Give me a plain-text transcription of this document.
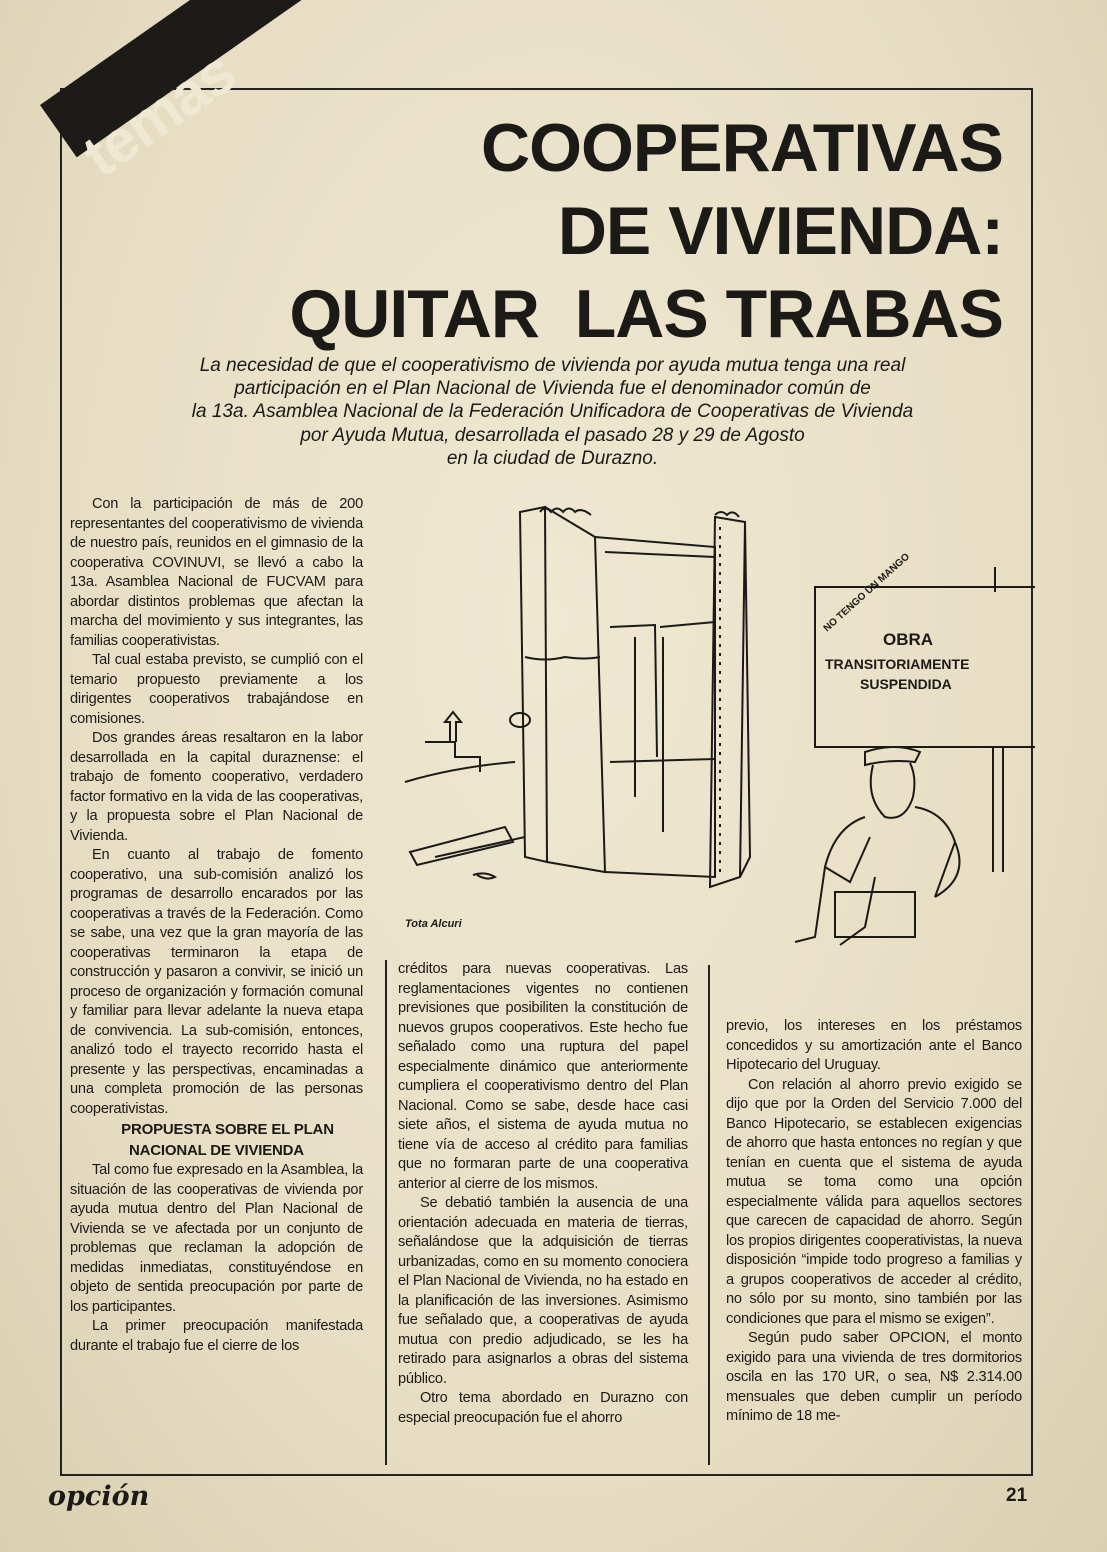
temas	COOPERATIVAS
DE VIVIENDA:
QUITAR  LAS TRABAS
La necesidad de que el cooperativismo de vivienda por ayuda mutua tenga una real
participación en el Plan Nacional de Vivienda fue el denominador común de
la 13a. Asamblea Nacional de la Federación Unificadora de Cooperativas de Vivienda
por Ayuda Mutua, desarrollada el pasado 28 y 29 de Agosto
en la ciudad de Durazno.
OBRA
TRANSITORIAMENTE
SUSPENDIDA
NO TENGO UN MANGO
Tota Alcuri

Con la participación de más de 200 representantes del cooperativismo de vivienda de nuestro país, reunidos en el gimnasio de la cooperativa COVINUVI, se llevó a cabo la 13a. Asamblea Nacional de FUCVAM para abordar distintos problemas que afectan la marcha del movimiento y sus integrantes, las familias cooperativistas.

Tal cual estaba previsto, se cumplió con el temario propuesto previamente a los dirigentes cooperativos trabajándose en comisiones.

Dos grandes áreas resaltaron en la labor desarrollada en la capital duraznense: el trabajo de fomento cooperativo, verdadero factor formativo en la vida de las cooperativas, y la propuesta sobre el Plan Nacional de Vivienda.

En cuanto al trabajo de fomento cooperativo, una sub-comisión analizó los programas de desarrollo encarados por las cooperativas a través de la Federación. Como se sabe, una vez que la gran mayoría de las cooperativas terminaron la etapa de construcción y pasaron a convivir, se inició un proceso de organización y formación comunal y familiar para llevar adelante la nueva etapa de convivencia. La sub-comisión, entonces, analizó todo el trayecto recorrido hasta el presente y las perspectivas, encaminadas a una completa promoción de las personas cooperativistas.

PROPUESTA SOBRE EL PLAN
NACIONAL DE VIVIENDA

Tal como fue expresado en la Asamblea, la situación de las cooperativas de vivienda por ayuda mutua dentro del Plan Nacional de Vivienda se ve afectada por un conjunto de problemas que reclaman la adopción de medidas inmediatas, constituyéndose en objeto de sentida preocupación por parte de los participantes.

La primer preocupación manifestada durante el trabajo fue el cierre de los

créditos para nuevas cooperativas. Las reglamentaciones vigentes no contienen previsiones que posibiliten la constitución de nuevos grupos cooperativos. Este hecho fue señalado como una ruptura del papel especialmente dinámico que anteriormente cumpliera el cooperativismo dentro del Plan Nacional. Como se sabe, desde hace casi siete años, el sistema de ayuda mutua no tiene vía de acceso al crédito para familias que no formaran parte de una cooperativa anterior al cierre de los mismos.

Se debatió también la ausencia de una orientación adecuada en materia de tierras, señalándose que la adquisición de tierras urbanizadas, como en su momento conociera el Plan Nacional de Vivienda, no ha estado en la planificación de las inversiones. Asimismo fue señalado que, a cooperativas de ayuda mutua con predio adjudicado, se les ha retirado para asignarlos a obras del sistema público.

Otro tema abordado en Durazno con especial preocupación fue el ahorro

previo, los intereses en los préstamos concedidos y su amortización ante el Banco Hipotecario del Uruguay.

Con relación al ahorro previo exigido se dijo que por la Orden del Servicio 7.000 del Banco Hipotecario, se establecen exigencias de ahorro que hasta entonces no regían y que tenían en cuenta que el sistema de ayuda mutua se toma como una opción especialmente válida para aquellos sectores que carecen de capacidad de ahorro. Según los propios dirigentes cooperativistas, la nueva disposición “impide todo progreso a familias y a grupos cooperativos de acceder al crédito, no sólo por su monto, sino también por las condiciones que para el mismo se exigen”.

Según pudo saber OPCION, el monto exigido para una vivienda de tres dormitorios oscila en las 170 UR, o sea, N$ 2.314.00 mensuales que deben cumplir un período mínimo de 18 me-

opción	21
